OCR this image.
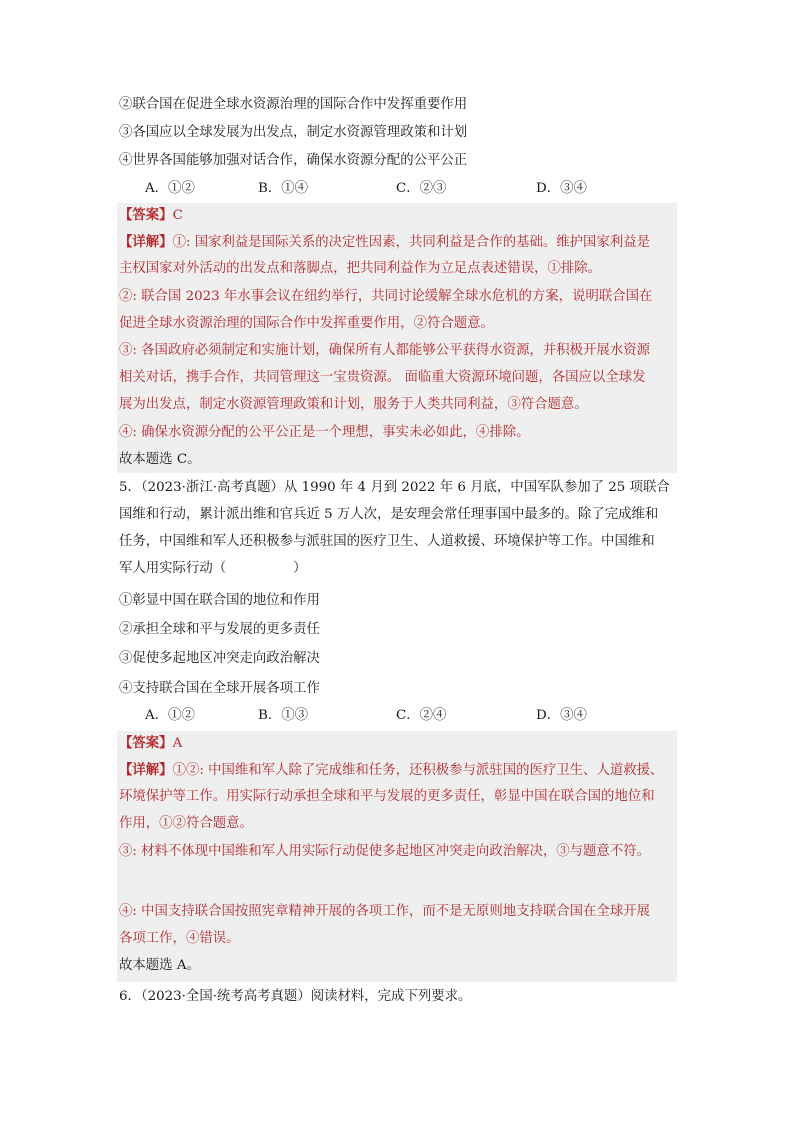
②联合国在促进全球水资源治理的国际合作中发挥重要作用
③各国应以全球发展为出发点，制定水资源管理政策和计划
④世界各国能够加强对话合作，确保水资源分配的公平公正
A．①②	B．①④	C．②③	D．③④
【答案】C
【详解】①: 国家利益是国际关系的决定性因素，共同利益是合作的基础。维护国家利益是
主权国家对外活动的出发点和落脚点，把共同利益作为立足点表述错误，①排除。
②: 联合国 2023 年水事会议在纽约举行，共同讨论缓解全球水危机的方案，说明联合国在
促进全球水资源治理的国际合作中发挥重要作用，②符合题意。
③: 各国政府必须制定和实施计划，确保所有人都能够公平获得水资源，并积极开展水资源
相关对话，携手合作，共同管理这一宝贵资源。 面临重大资源环境问题，各国应以全球发
展为出发点，制定水资源管理政策和计划，服务于人类共同利益，③符合题意。
④: 确保水资源分配的公平公正是一个理想，事实未必如此，④排除。
故本题选 C。
5．（2023·浙江·高考真题）从 1990 年 4 月到 2022 年 6 月底，中国军队参加了 25 项联合
国维和行动，累计派出维和官兵近 5 万人次，是安理会常任理事国中最多的。除了完成维和
任务，中国维和军人还积极参与派驻国的医疗卫生、人道救援、环境保护等工作。中国维和
军人用实际行动（　　　　　）
①彰显中国在联合国的地位和作用
②承担全球和平与发展的更多责任
③促使多起地区冲突走向政治解决
④支持联合国在全球开展各项工作
A．①②	B．①③	C．②④	D．③④
【答案】A
【详解】①②: 中国维和军人除了完成维和任务，还积极参与派驻国的医疗卫生、人道救援、
环境保护等工作。用实际行动承担全球和平与发展的更多责任，彰显中国在联合国的地位和
作用，①②符合题意。
③: 材料不体现中国维和军人用实际行动促使多起地区冲突走向政治解决，③与题意不符。
④: 中国支持联合国按照宪章精神开展的各项工作，而不是无原则地支持联合国在全球开展
各项工作，④错误。
故本题选 A。
6．（2023·全国·统考高考真题）阅读材料，完成下列要求。
